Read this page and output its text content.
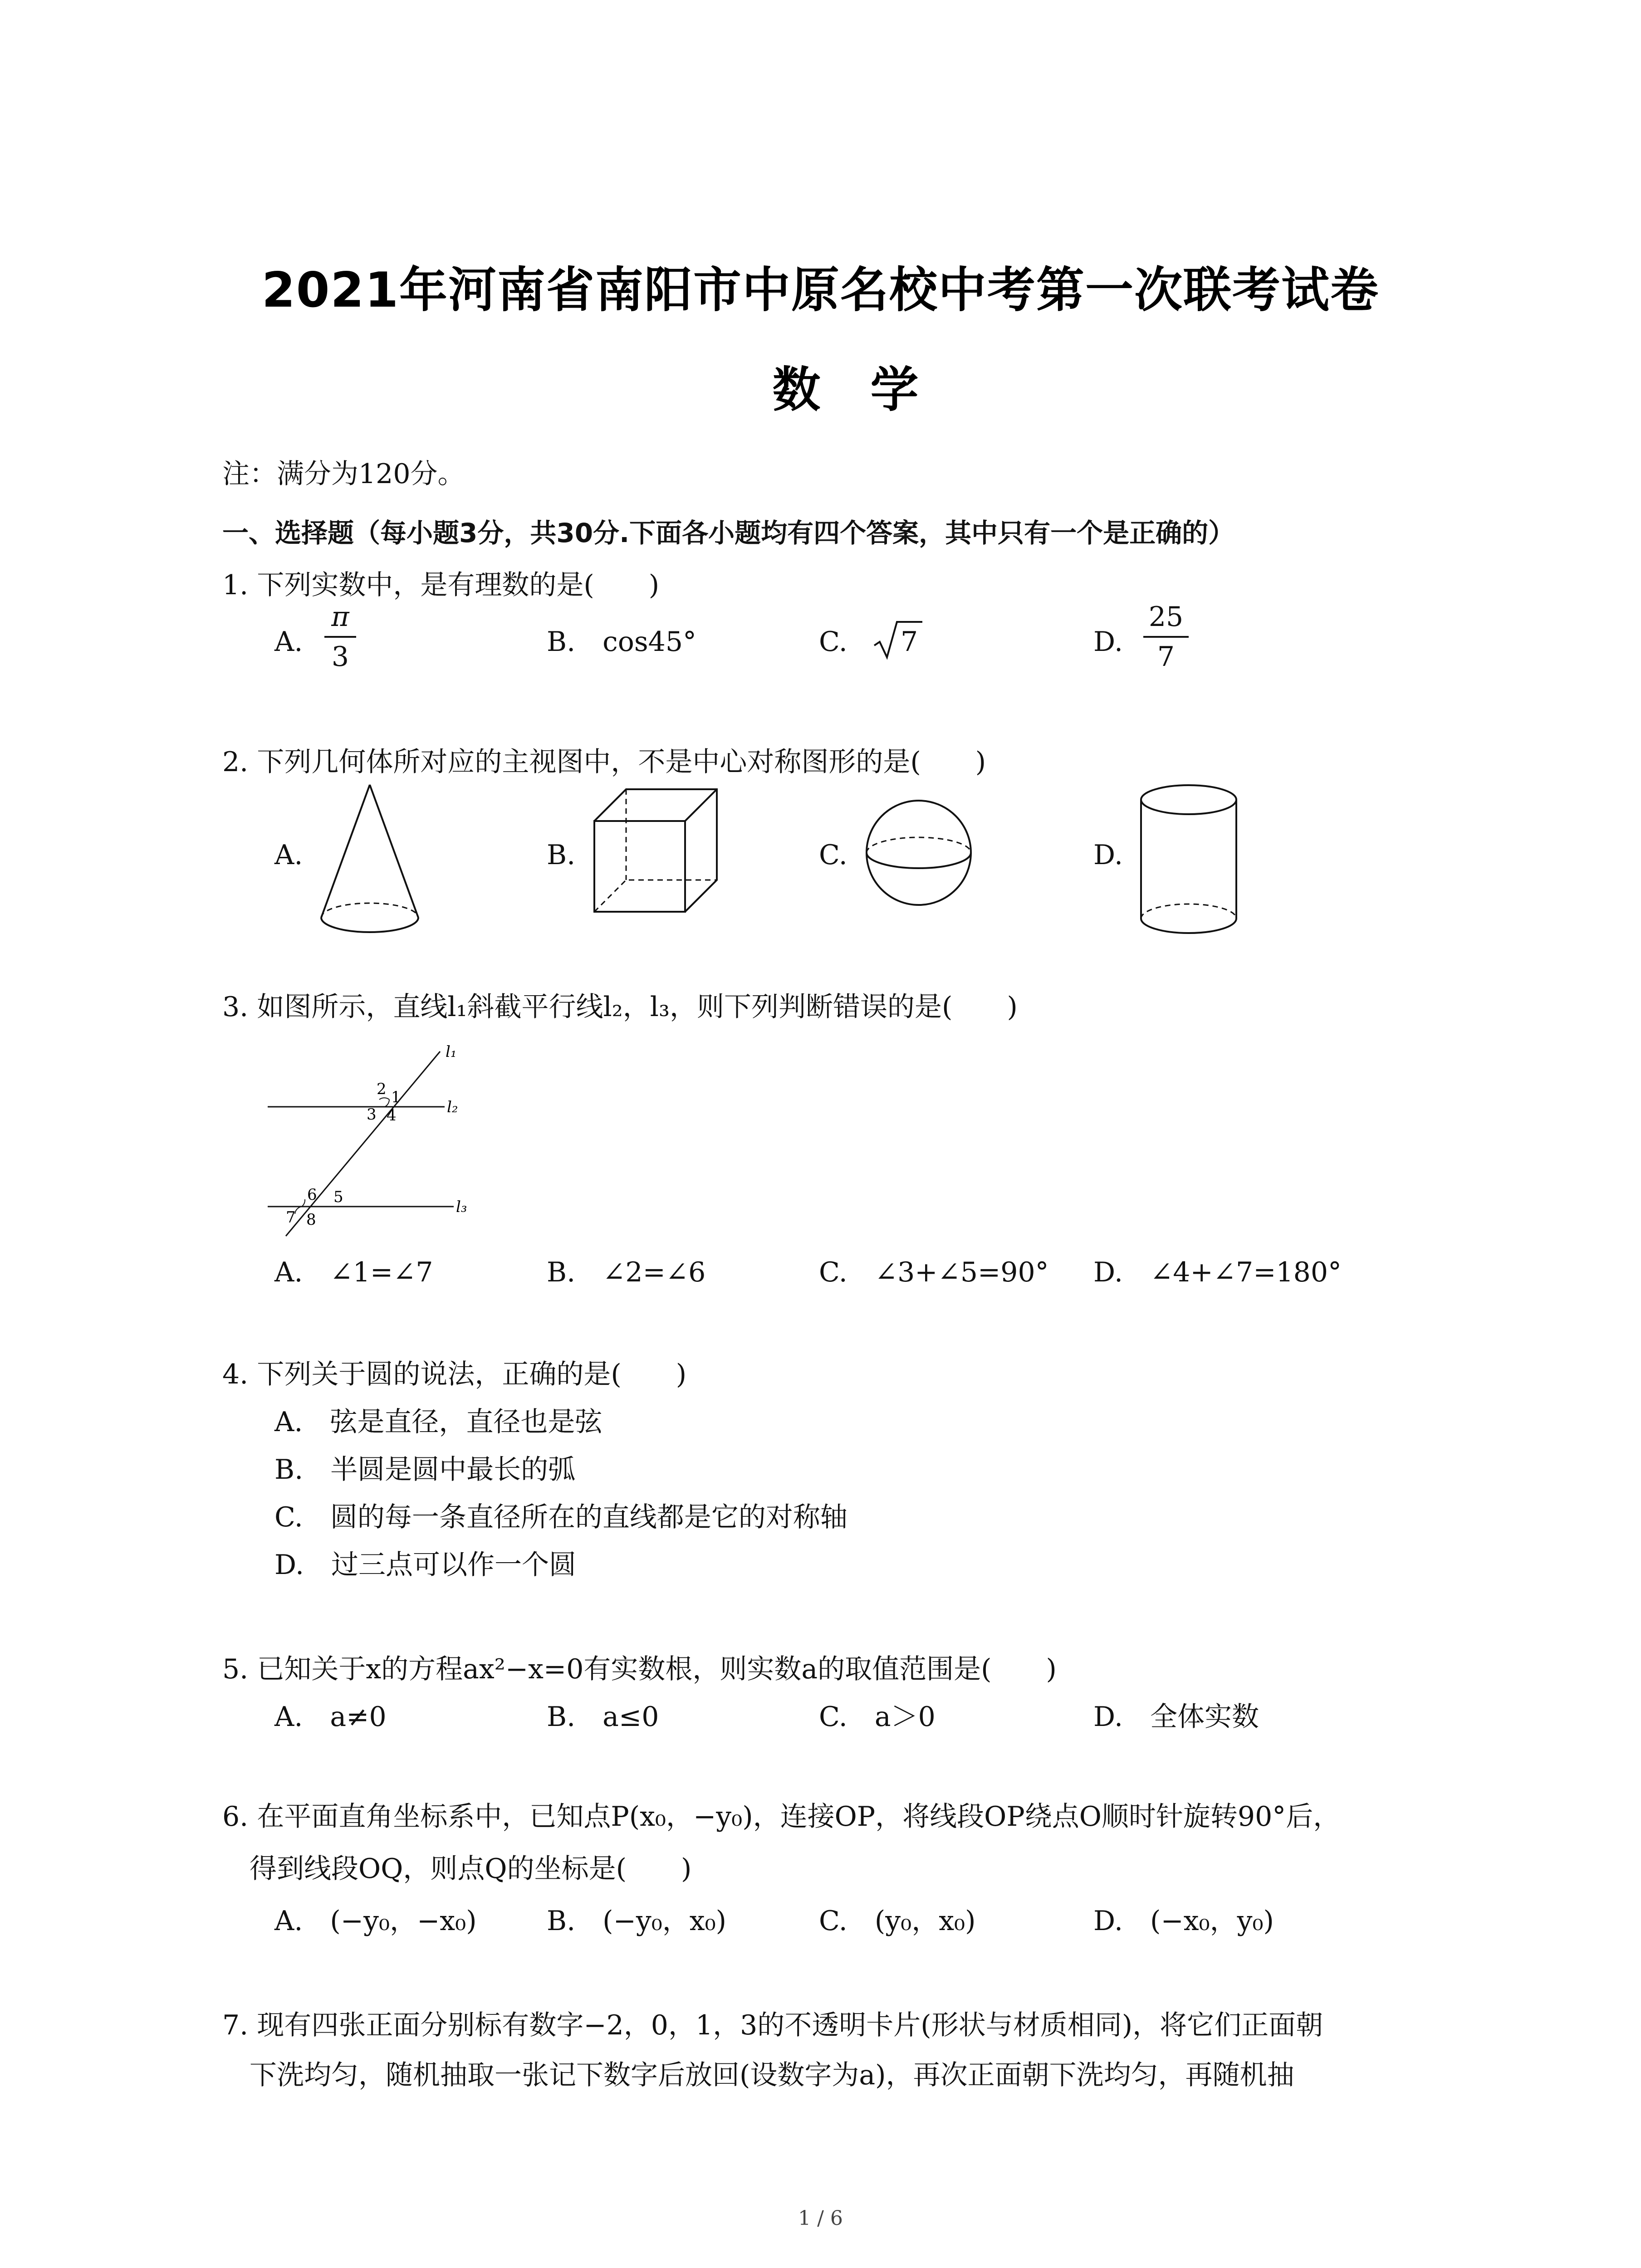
2021年河南省南阳市中原名校中考第一次联考试卷
数学
注：满分为120分。
一、选择题（每小题3分，共30分.下面各小题均有四个答案，其中只有一个是正确的）
1. 下列实数中，是有理数的是(　　)
A.
π
3	B.　cos45°	C. 7	D.
25
7
2. 下列几何体所对应的主视图中，不是中心对称图形的是(　　)
A.	B.	C.	D.
3. 如图所示，直线l₁斜截平行线l₂，l₃，则下列判断错误的是(　　)
l₁
l₂
l₃
1
2
3 4
5
6
7 8
A.　∠1=∠7	B.　∠2=∠6	C.　∠3+∠5=90° D.　∠4+∠7=180°
4. 下列关于圆的说法，正确的是(　　)
A.　弦是直径，直径也是弦
B.　半圆是圆中最长的弧
C.　圆的每一条直径所在的直线都是它的对称轴
D.　过三点可以作一个圆
5. 已知关于x的方程ax²−x=0有实数根，则实数a的取值范围是(　　)
A.　a≠0	B.　a≤0	C.　a＞0	D.　全体实数
6. 在平面直角坐标系中，已知点P(x₀，−y₀)，连接OP，将线段OP绕点O顺时针旋转90°后，
得到线段OQ，则点Q的坐标是(　　)
A.　(−y₀，−x₀)	B.　(−y₀，x₀)	C.　(y₀，x₀)	D.　(−x₀，y₀)
7. 现有四张正面分别标有数字−2，0，1，3的不透明卡片(形状与材质相同)，将它们正面朝
下洗均匀，随机抽取一张记下数字后放回(设数字为a)，再次正面朝下洗均匀，再随机抽
1 / 6
